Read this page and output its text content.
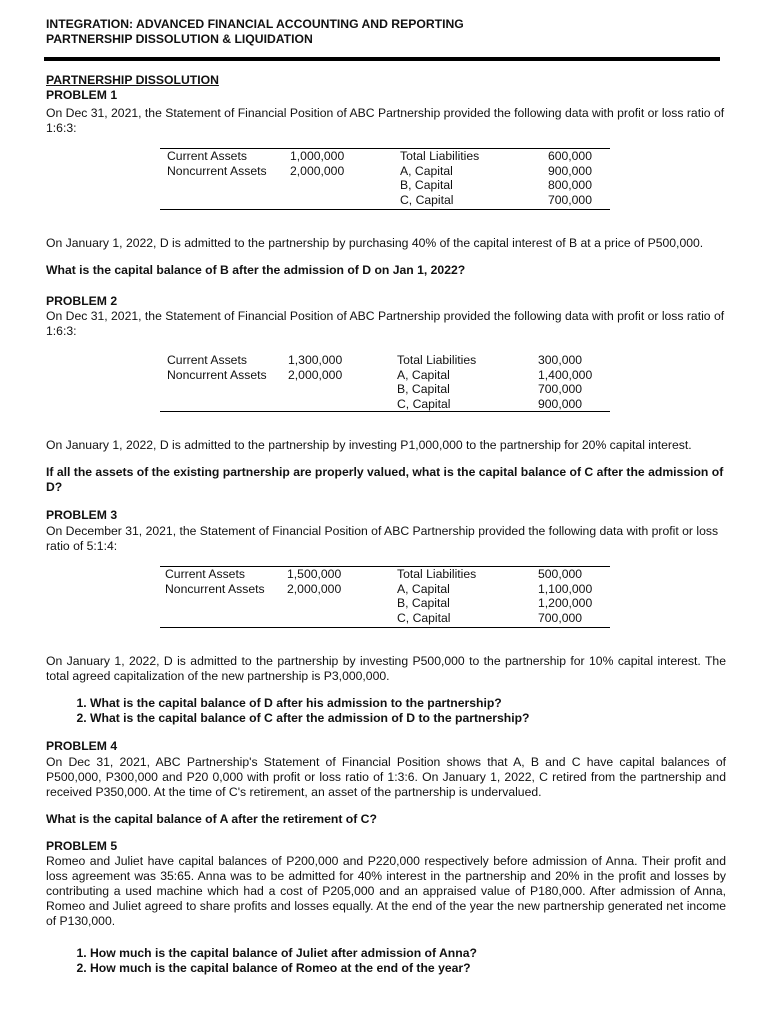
INTEGRATION: ADVANCED FINANCIAL ACCOUNTING AND REPORTING
PARTNERSHIP DISSOLUTION & LIQUIDATION
PARTNERSHIP DISSOLUTION
PROBLEM 1
On Dec 31, 2021, the Statement of Financial Position of ABC Partnership provided the following data with profit or loss ratio of 1:6:3:
Current Assets
Noncurrent Assets
1,000,000
2,000,000
Total Liabilities
A, Capital
B, Capital
C, Capital
600,000
900,000
800,000
700,000
On January 1, 2022, D is admitted to the partnership by purchasing 40% of the capital interest of B at a price of P500,000.
What is the capital balance of B after the admission of D on Jan 1, 2022?
PROBLEM 2
On Dec 31, 2021, the Statement of Financial Position of ABC Partnership provided the following data with profit or loss ratio of 1:6:3:
Current Assets
Noncurrent Assets
1,300,000
2,000,000
Total Liabilities
A, Capital
B, Capital
C, Capital
300,000
1,400,000
700,000
900,000
On January 1, 2022, D is admitted to the partnership by investing P1,000,000 to the partnership for 20% capital interest.
If all the assets of the existing partnership are properly valued, what is the capital balance of C after the admission of D?
PROBLEM 3
On December 31, 2021, the Statement of Financial Position of ABC Partnership provided the following data with profit or loss ratio of 5:1:4:
Current Assets
Noncurrent Assets
1,500,000
2,000,000
Total Liabilities
A, Capital
B, Capital
C, Capital
500,000
1,100,000
1,200,000
700,000
On January 1, 2022, D is admitted to the partnership by investing P500,000 to the partnership for 10% capital interest. The total agreed capitalization of the new partnership is P3,000,000.
1. What is the capital balance of D after his admission to the partnership?
2. What is the capital balance of C after the admission of D to the partnership?
PROBLEM 4
On Dec 31, 2021, ABC Partnership's Statement of Financial Position shows that A, B and C have capital balances of P500,000, P300,000 and P20 0,000 with profit or loss ratio of 1:3:6. On January 1, 2022, C retired from the partnership and received P350,000. At the time of C's retirement, an asset of the partnership is undervalued.
What is the capital balance of A after the retirement of C?
PROBLEM 5
Romeo and Juliet have capital balances of P200,000 and P220,000 respectively before admission of Anna. Their profit and loss agreement was 35:65. Anna was to be admitted for 40% interest in the partnership and 20% in the profit and losses by contributing a used machine which had a cost of P205,000 and an appraised value of P180,000. After admission of Anna, Romeo and Juliet agreed to share profits and losses equally. At the end of the year the new partnership generated net income of P130,000.
1. How much is the capital balance of Juliet after admission of Anna?
2. How much is the capital balance of Romeo at the end of the year?
